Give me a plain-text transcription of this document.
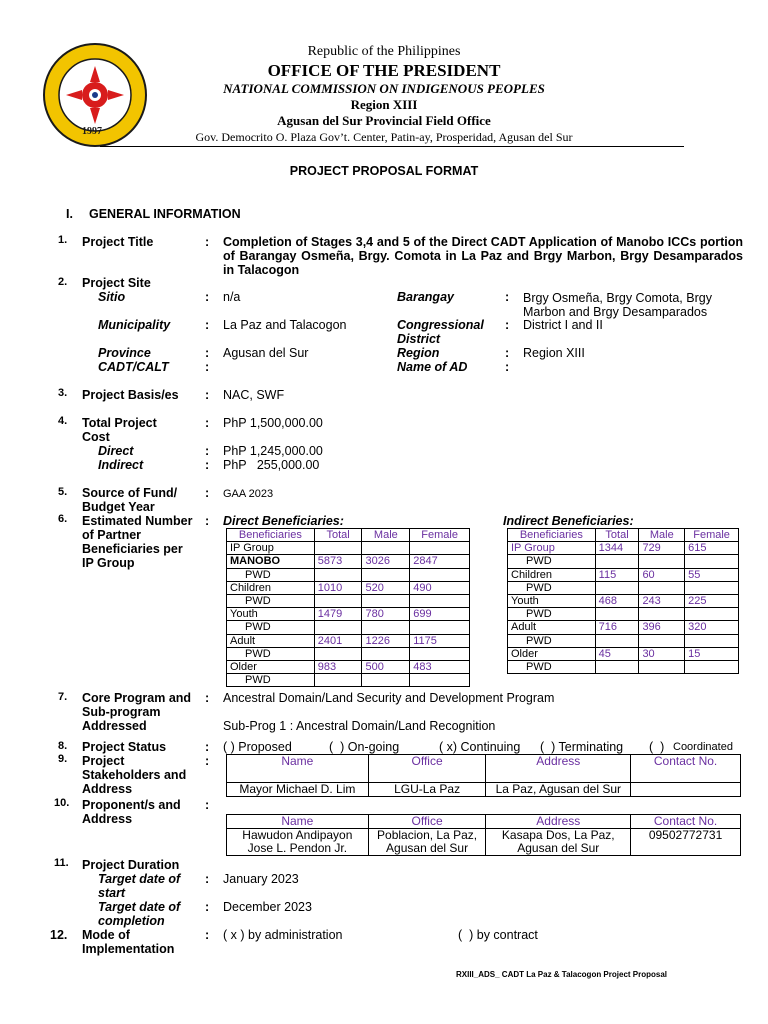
1997
Republic of the Philippines
OFFICE OF THE PRESIDENT
NATIONAL COMMISSION ON INDIGENOUS PEOPLES
Region XIII
Agusan del Sur Provincial Field Office
Gov. Democrito O. Plaza Gov’t. Center, Patin-ay, Prosperidad, Agusan del Sur
PROJECT PROPOSAL FORMAT
I. GENERAL INFORMATION
1. Project Title	: Completion of Stages 3,4 and 5 of the Direct CADT Application of Manobo ICCs portion of Barangay Osmeña, Brgy. Comota in La Paz and Brgy Marbon, Brgy Desamparados in Talacogon
2. Project Site
Sitio	: n/a	Barangay	: Brgy Osmeña, Brgy Comota, Brgy Marbon and Brgy Desamparados
Municipality	: La Paz and Talacogon	Congressional District
: District I and II
Province	: Agusan del Sur	Region	: Region XIII
CADT/CALT	:	Name of AD	:
3. Project Basis/es : NAC, SWF
4. Total Project Cost
: PhP 1,500,000.00
Direct	: PhP 1,245,000.00
Indirect	: PhP   255,000.00
5. Source of Fund/ Budget Year
: GAA 2023
6. Estimated Number of Partner Beneficiaries per IP Group
: Direct Beneficiaries:	Indirect Beneficiaries:
Beneficiaries	Total	Male	Female
IP Group			
MANOBO	5873	3026	2847
PWD			
Children	1010	520	490
PWD			
Youth	1479	780	699
PWD			
Adult	2401	1226	1175
PWD			
Older	983	500	483
PWD			
Beneficiaries	Total	Male	Female
IP Group	1344	729	615
PWD			
Children	115	60	55
PWD			
Youth	468	243	225
PWD			
Adult	716	396	320
PWD			
Older	45	30	15
PWD			
7. Core Program and Sub-program Addressed
: Ancestral Domain/Land Security and Development Program
Sub-Prog 1 : Ancestral Domain/Land Recognition
8. Project Status	: ( ) Proposed	(  ) On-going	( x) Continuing (  ) Terminating (  ) Coordinated
9. Project Stakeholders and Address
:	Name	Office	Address	Contact No.
Mayor Michael D. Lim	LGU-La Paz	La Paz, Agusan del Sur	
10. Proponent/s and Address
:
Name	Office	Address	Contact No.
Hawudon Andipayon Jose L. Pendon Jr.	Poblacion, La Paz, Agusan del Sur	Kasapa Dos, La Paz, Agusan del Sur	09502772731
11. Project Duration
Target date of start
: January 2023
Target date of completion
: December 2023
12. Mode of Implementation
: ( x ) by administration	(  ) by contract
RXIII_ADS_ CADT La Paz & Talacogon Project Proposal
